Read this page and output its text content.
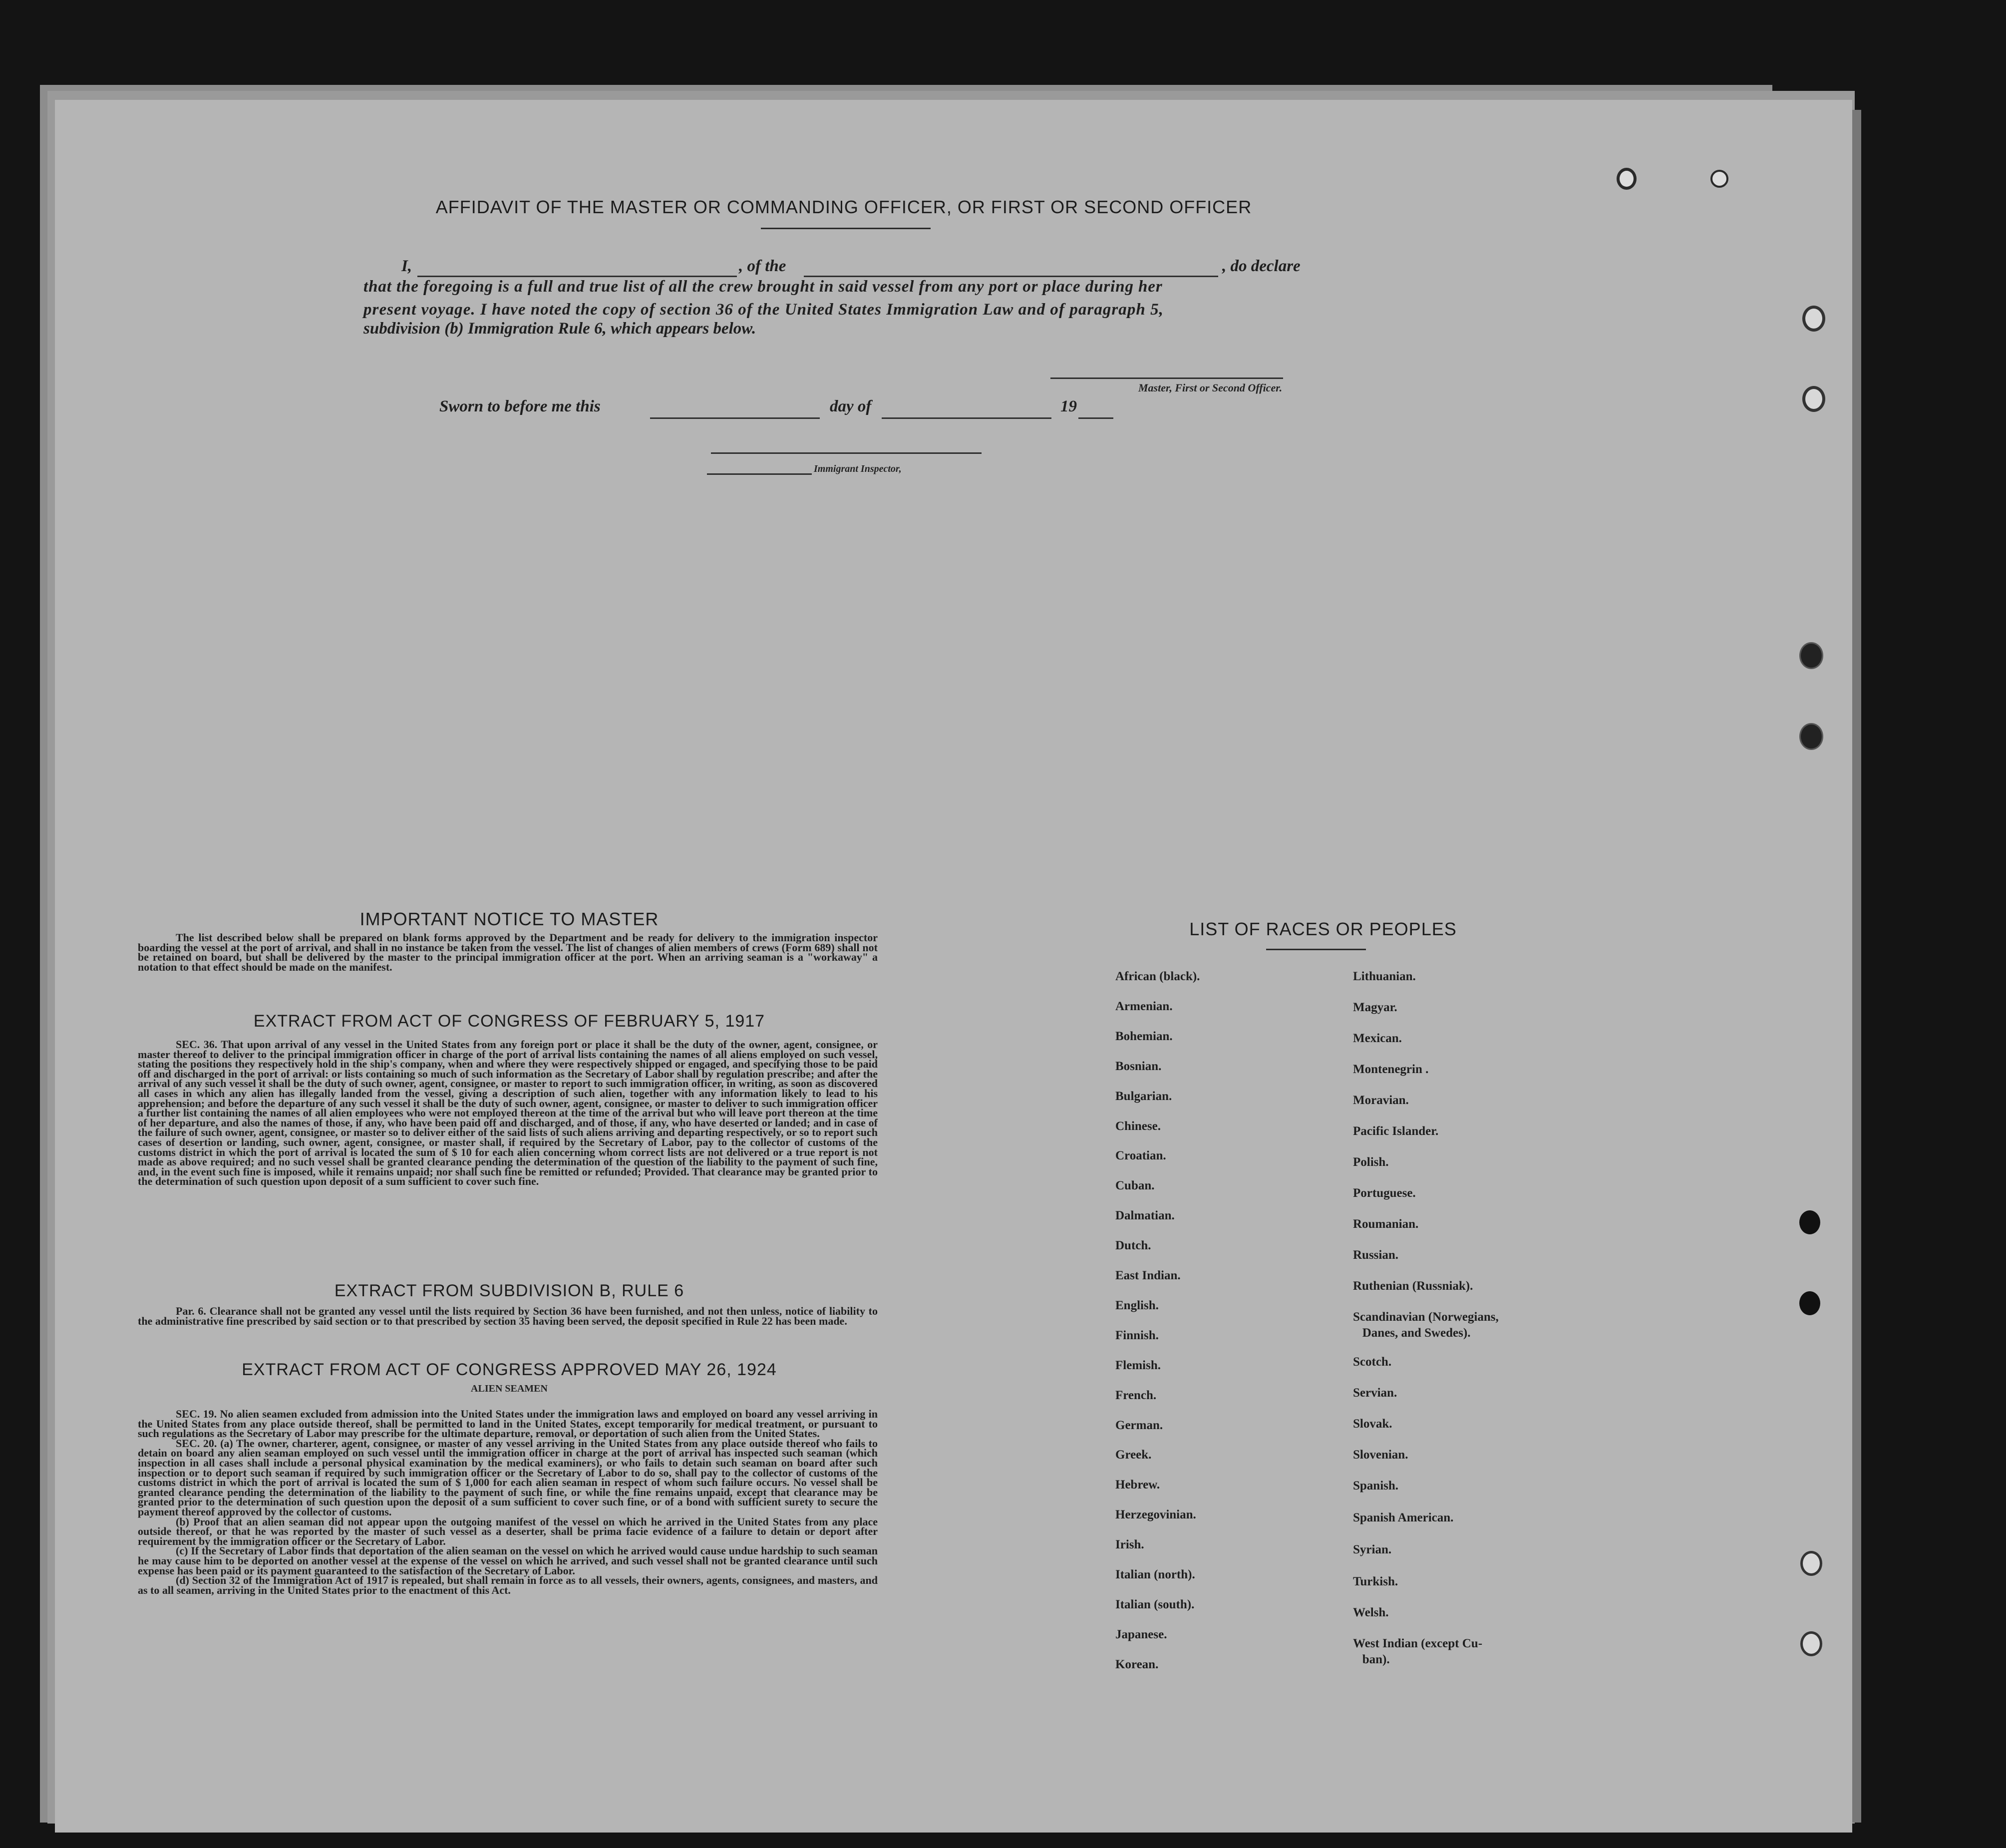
AFFIDAVIT OF THE MASTER OR COMMANDING OFFICER, OR FIRST OR SECOND OFFICER
I,	, of the	, do declare
that the foregoing is a full and true list of all the crew brought in said vessel from any port or place during her
present voyage. I have noted the copy of section 36 of the United States Immigration Law and of paragraph 5,
subdivision (b) Immigration Rule 6, which appears below.
Master, First or Second Officer.
Sworn to before me this	day of	19
Immigrant Inspector,
IMPORTANT NOTICE TO MASTER

The list described below shall be prepared on blank forms approved by the Department and be ready for delivery to the immigration inspector boarding the vessel at the port of arrival, and shall in no instance be taken from the vessel. The list of changes of alien members of crews (Form 689) shall not be retained on board, but shall be delivered by the master to the principal immigration officer at the port. When an arriving seaman is a "workaway" a notation to that effect should be made on the manifest.

EXTRACT FROM ACT OF CONGRESS OF FEBRUARY 5, 1917

SEC. 36. That upon arrival of any vessel in the United States from any foreign port or place it shall be the duty of the owner, agent, consignee, or master thereof to deliver to the principal immigration officer in charge of the port of arrival lists containing the names of all aliens employed on such vessel, stating the positions they respectively hold in the ship's company, when and where they were respectively shipped or engaged, and specifying those to be paid off and discharged in the port of arrival: or lists containing so much of such information as the Secretary of Labor shall by regulation prescribe; and after the arrival of any such vessel it shall be the duty of such owner, agent, consignee, or master to report to such immigration officer, in writing, as soon as discovered all cases in which any alien has illegally landed from the vessel, giving a description of such alien, together with any information likely to lead to his apprehension; and before the departure of any such vessel it shall be the duty of such owner, agent, consignee, or master to deliver to such immigration officer a further list containing the names of all alien employees who were not employed thereon at the time of the arrival but who will leave port thereon at the time of her departure, and also the names of those, if any, who have been paid off and discharged, and of those, if any, who have deserted or landed; and in case of the failure of such owner, agent, consignee, or master so to deliver either of the said lists of such aliens arriving and departing respectively, or so to report such cases of desertion or landing, such owner, agent, consignee, or master shall, if required by the Secretary of Labor, pay to the collector of customs of the customs district in which the port of arrival is located the sum of $ 10 for each alien concerning whom correct lists are not delivered or a true report is not made as above required; and no such vessel shall be granted clearance pending the determination of the question of the liability to the payment of such fine, and, in the event such fine is imposed, while it remains unpaid; nor shall such fine be remitted or refunded; Provided. That clearance may be granted prior to the determination of such question upon deposit of a sum sufficient to cover such fine.

EXTRACT FROM SUBDIVISION B, RULE 6

Par. 6. Clearance shall not be granted any vessel until the lists required by Section 36 have been furnished, and not then unless, notice of liability to the administrative fine prescribed by said section or to that prescribed by section 35 having been served, the deposit specified in Rule 22 has been made.

EXTRACT FROM ACT OF CONGRESS APPROVED MAY 26, 1924
ALIEN SEAMEN

SEC. 19. No alien seamen excluded from admission into the United States under the immigration laws and employed on board any vessel arriving in the United States from any place outside thereof, shall be permitted to land in the United States, except temporarily for medical treatment, or pursuant to such regulations as the Secretary of Labor may prescribe for the ultimate departure, removal, or deportation of such alien from the United States.

SEC. 20. (a) The owner, charterer, agent, consignee, or master of any vessel arriving in the United States from any place outside thereof who fails to detain on board any alien seaman employed on such vessel until the immigration officer in charge at the port of arrival has inspected such seaman (which inspection in all cases shall include a personal physical examination by the medical examiners), or who fails to detain such seaman on board after such inspection or to deport such seaman if required by such immigration officer or the Secretary of Labor to do so, shall pay to the collector of customs of the customs district in which the port of arrival is located the sum of $ 1,000 for each alien seaman in respect of whom such failure occurs. No vessel shall be granted clearance pending the determination of the liability to the payment of such fine, or while the fine remains unpaid, except that clearance may be granted prior to the determination of such question upon the deposit of a sum sufficient to cover such fine, or of a bond with sufficient surety to secure the payment thereof approved by the collector of customs.

(b) Proof that an alien seaman did not appear upon the outgoing manifest of the vessel on which he arrived in the United States from any place outside thereof, or that he was reported by the master of such vessel as a deserter, shall be prima facie evidence of a failure to detain or deport after requirement by the immigration officer or the Secretary of Labor.

(c) If the Secretary of Labor finds that deportation of the alien seaman on the vessel on which he arrived would cause undue hardship to such seaman he may cause him to be deported on another vessel at the expense of the vessel on which he arrived, and such vessel shall not be granted clearance until such expense has been paid or its payment guaranteed to the satisfaction of the Secretary of Labor.

(d) Section 32 of the Immigration Act of 1917 is repealed, but shall remain in force as to all vessels, their owners, agents, consignees, and masters, and as to all seamen, arriving in the United States prior to the enactment of this Act.

LIST OF RACES OR PEOPLES
African (black).
Armenian.
Bohemian.
Bosnian.
Bulgarian.
Chinese.
Croatian.
Cuban.
Dalmatian.
Dutch.
East Indian.
English.
Finnish.
Flemish.
French.
German.
Greek.
Hebrew.
Herzegovinian.
Irish.
Italian (north).
Italian (south).
Japanese.
Korean.
Lithuanian.
Magyar.
Mexican.
Montenegrin .
Moravian.
Pacific Islander.
Polish.
Portuguese.
Roumanian.
Russian.
Ruthenian (Russniak).
Scandinavian (Norwegians,
Danes, and Swedes).
Scotch.
Servian.
Slovak.
Slovenian.
Spanish.
Spanish American.
Syrian.
Turkish.
Welsh.
West Indian (except Cu-
ban).
